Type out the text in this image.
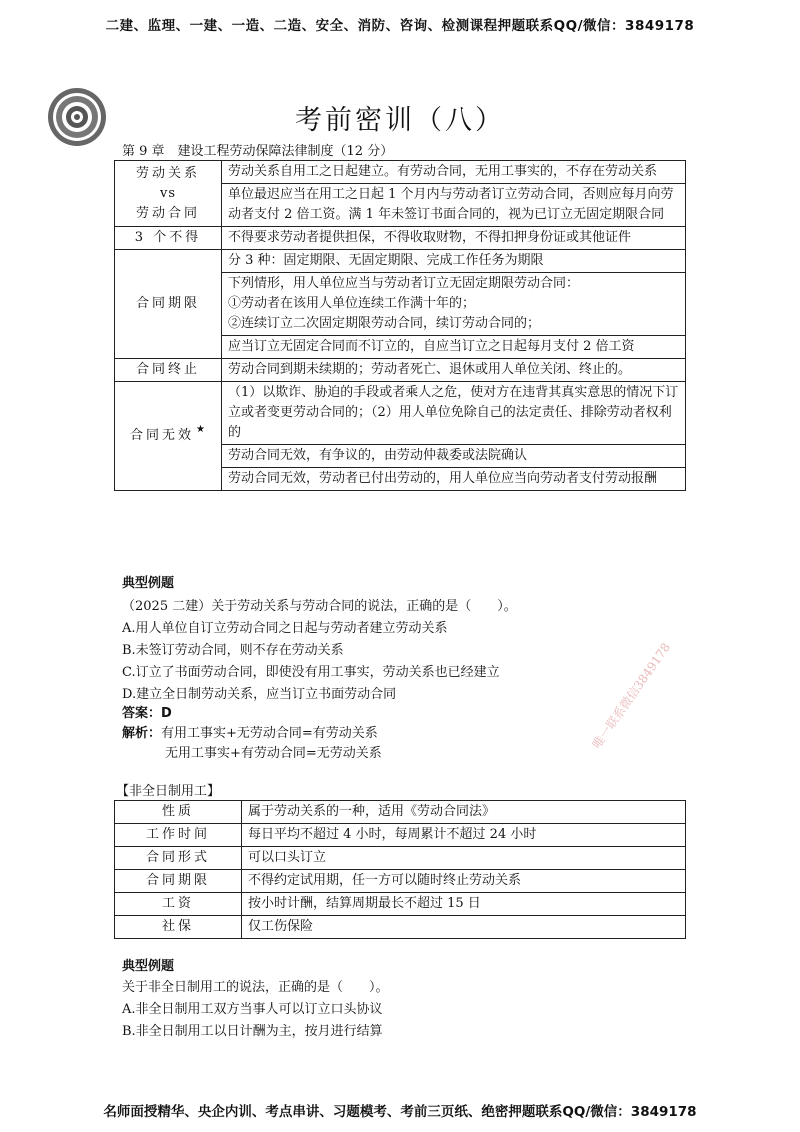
二建、监理、一建、一造、二造、安全、消防、咨询、检测课程押题联系QQ/微信：3849178
考前密训（八）
第 9 章　建设工程劳动保障法律制度（12 分）
劳动关系
vs
劳动合同	劳动关系自用工之日起建立。有劳动合同，无用工事实的，不存在劳动关系
	单位最迟应当在用工之日起 1 个月内与劳动者订立劳动合同，否则应每月向劳动者支付 2 倍工资。满 1 年未签订书面合同的，视为已订立无固定期限合同
3 个不得	不得要求劳动者提供担保，不得收取财物，不得扣押身份证或其他证件
合同期限	分 3 种：固定期限、无固定期限、完成工作任务为期限

	下列情形，用人单位应当与劳动者订立无固定期限劳动合同：
①劳动者在该用人单位连续工作满十年的；
②连续订立二次固定期限劳动合同，续订劳动合同的；

	应当订立无固定合同而不订立的，自应当订立之日起每月支付 2 倍工资
合同终止	劳动合同到期未续期的；劳动者死亡、退休或用人单位关闭、终止的。
合同无效 ★	（1）以欺诈、胁迫的手段或者乘人之危，使对方在违背其真实意思的情况下订立或者变更劳动合同的；（2）用人单位免除自己的法定责任、排除劳动者权利的
	劳动合同无效，有争议的，由劳动仲裁委或法院确认
	劳动合同无效，劳动者已付出劳动的，用人单位应当向劳动者支付劳动报酬
典型例题
（2025 二建）关于劳动关系与劳动合同的说法，正确的是（　　）。
A.用人单位自订立劳动合同之日起与劳动者建立劳动关系
B.未签订劳动合同，则不存在劳动关系
C.订立了书面劳动合同，即使没有用工事实，劳动关系也已经建立
D.建立全日制劳动关系，应当订立书面劳动合同
答案：D
解析：有用工事实+无劳动合同=有劳动关系
无用工事实+有劳动合同=无劳动关系
【非全日制用工】
性质	属于劳动关系的一种，适用《劳动合同法》
工作时间	每日平均不超过 4 小时，每周累计不超过 24 小时
合同形式	可以口头订立
合同期限	不得约定试用期，任一方可以随时终止劳动关系
工资	按小时计酬，结算周期最长不超过 15 日
社保	仅工伤保险
典型例题
关于非全日制用工的说法，正确的是（　　）。
A.非全日制用工双方当事人可以订立口头协议
B.非全日制用工以日计酬为主，按月进行结算
唯一联系微信3849178
名师面授精华、央企内训、考点串讲、习题模考、考前三页纸、绝密押题联系QQ/微信：3849178
